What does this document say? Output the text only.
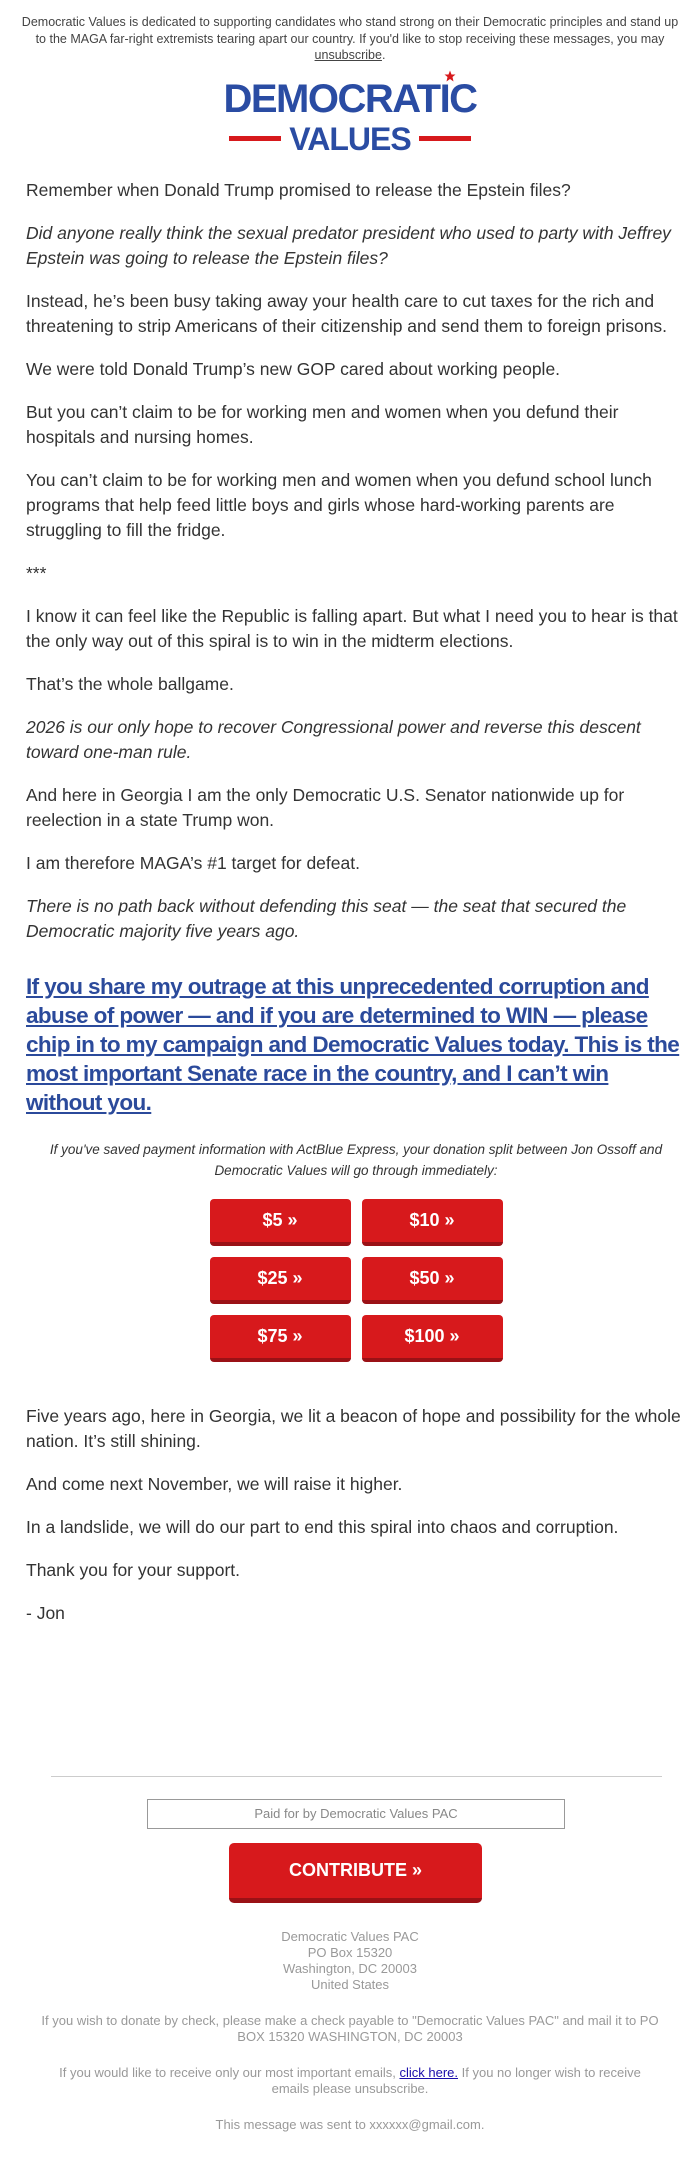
Democratic Values is dedicated to supporting candidates who stand strong on their Democratic principles and stand up to the MAGA far-right extremists tearing apart our country. If you'd like to stop receiving these messages, you may unsubscribe.
DEMOCRATIC
VALUES

Remember when Donald Trump promised to release the Epstein files?

Did anyone really think the sexual predator president who used to party with Jeffrey Epstein was going to release the Epstein files?

Instead, he’s been busy taking away your health care to cut taxes for the rich and threatening to strip Americans of their citizenship and send them to foreign prisons.

We were told Donald Trump’s new GOP cared about working people.

But you can’t claim to be for working men and women when you defund their hospitals and nursing homes.

You can’t claim to be for working men and women when you defund school lunch programs that help feed little boys and girls whose hard-working parents are struggling to fill the fridge.

***

I know it can feel like the Republic is falling apart. But what I need you to hear is that the only way out of this spiral is to win in the midterm elections.

That’s the whole ballgame.

2026 is our only hope to recover Congressional power and reverse this descent toward one-man rule.

And here in Georgia I am the only Democratic U.S. Senator nationwide up for reelection in a state Trump won.

I am therefore MAGA’s #1 target for defeat.

There is no path back without defending this seat — the seat that secured the Democratic majority five years ago.

If you share my outrage at this unprecedented corruption and abuse of power — and if you are determined to WIN — please chip in to my campaign and Democratic Values today. This is the most important Senate race in the country, and I can’t win without you.

If you've saved payment information with ActBlue Express, your donation split between Jon Ossoff and Democratic Values will go through immediately:

$5 »	$10 »
$25 »	$50 »
$75 »	$100 »

Five years ago, here in Georgia, we lit a beacon of hope and possibility for the whole nation. It’s still shining.

And come next November, we will raise it higher.

In a landslide, we will do our part to end this spiral into chaos and corruption.

Thank you for your support.

- Jon

Paid for by Democratic Values PAC
CONTRIBUTE »

Democratic Values PAC
PO Box 15320
Washington, DC 20003
United States

If you wish to donate by check, please make a check payable to "Democratic Values PAC" and mail it to PO BOX 15320 WASHINGTON, DC 20003

If you would like to receive only our most important emails, click here. If you no longer wish to receive emails please unsubscribe.

This message was sent to xxxxxx@gmail.com.
